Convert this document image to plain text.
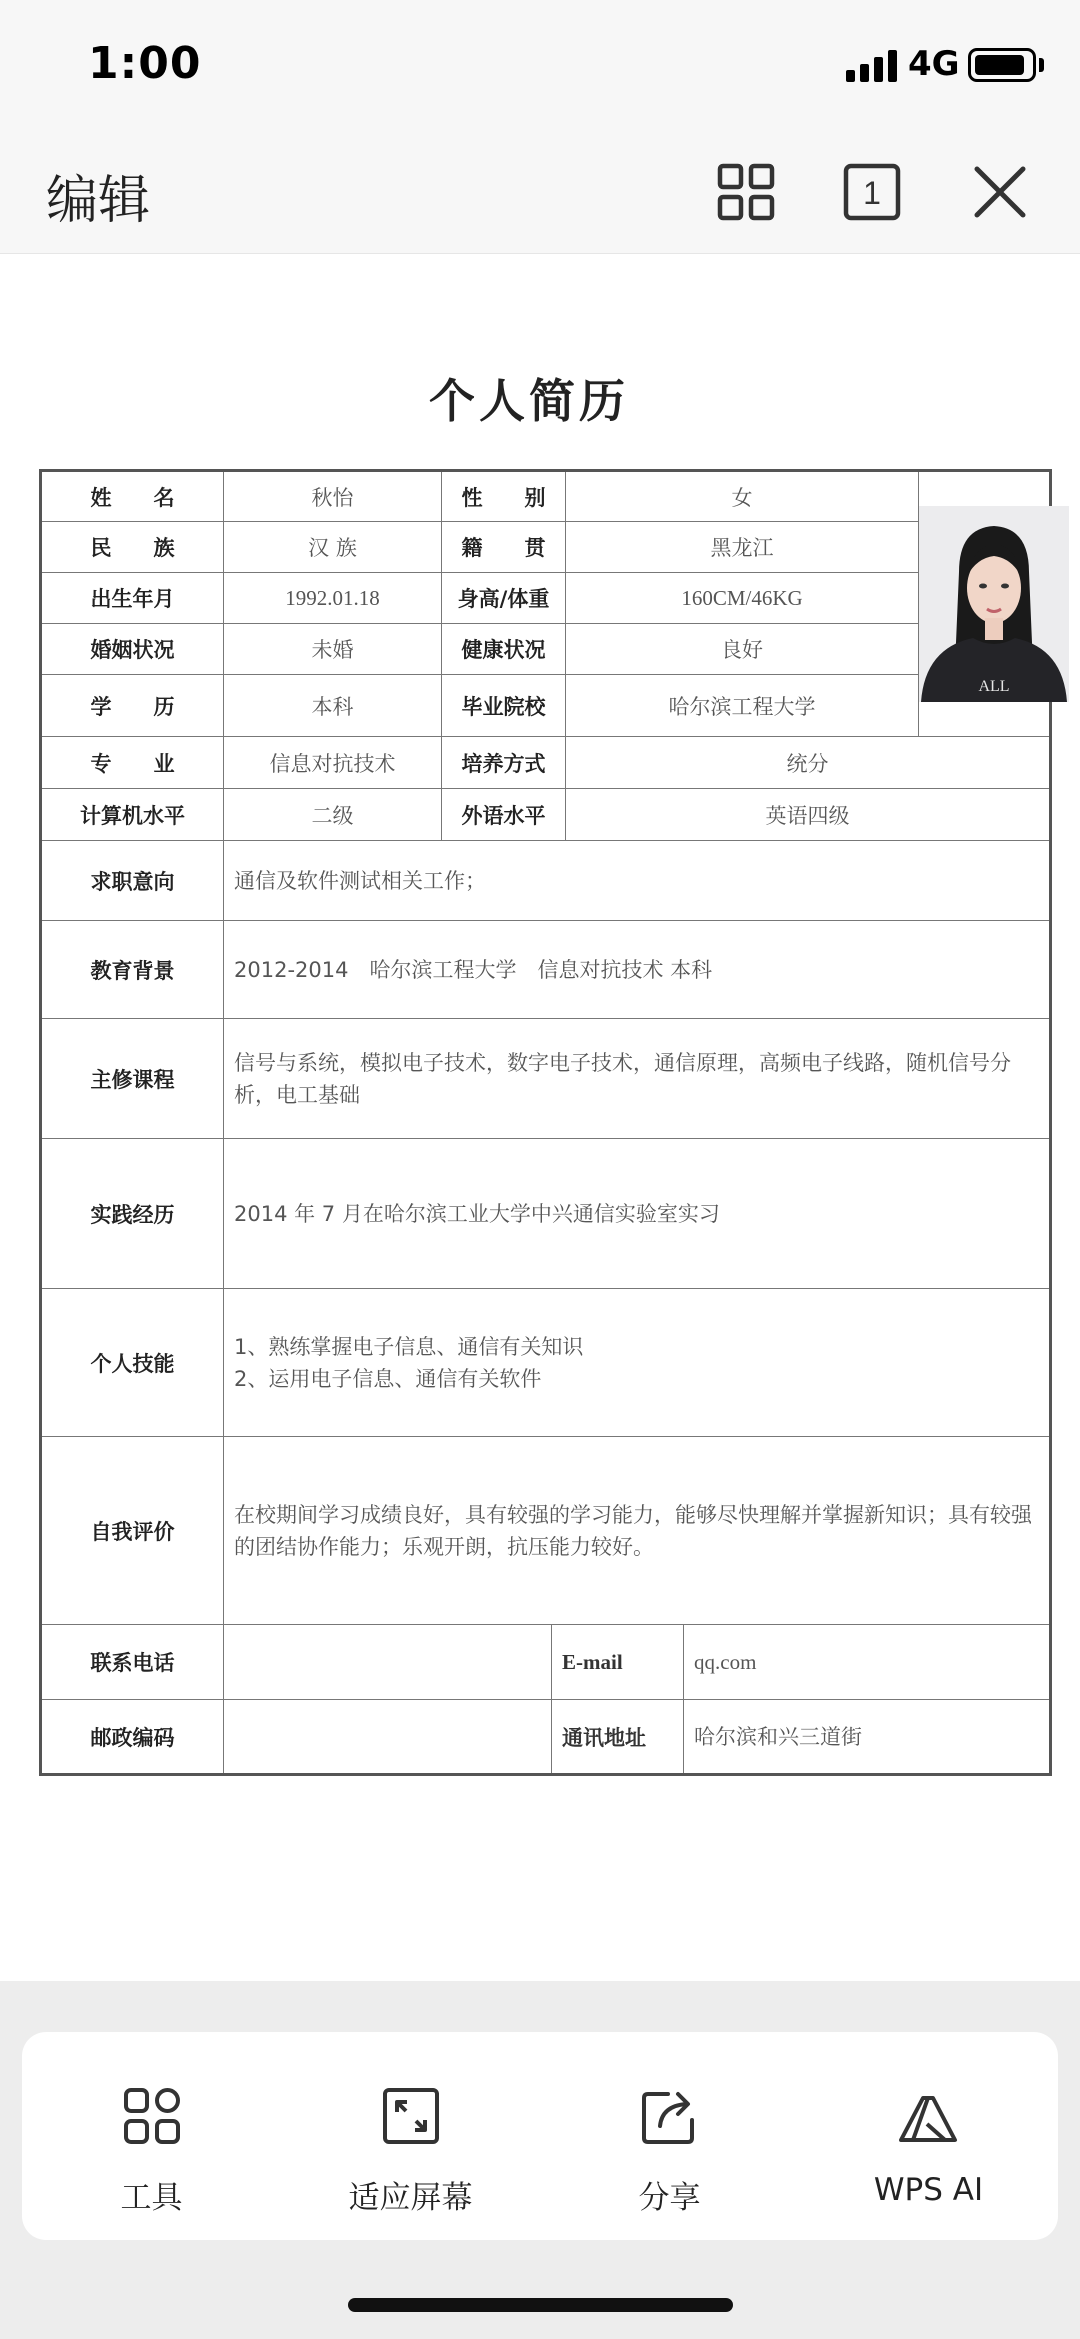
1:00	4G
编辑	1
个人简历
姓　　名	秋怡	性　　别		女		ALL

民　　族	汉 族	籍　　贯		黑龙江		
出生年月	1992.01.18	身高/体重		160CM/46KG		
婚姻状况	未婚	健康状况		良好		
学　　历	本科	毕业院校		哈尔滨工程大学		
专　　业	信息对抗技术	培养方式		统分		
计算机水平	二级	外语水平		英语四级		
求职意向	通信及软件测试相关工作；					
教育背景	2012-2014　哈尔滨工程大学　信息对抗技术 本科					
主修课程	信号与系统，模拟电子技术，数字电子技术，通信原理，高频电子线路，随机信号分析，电工基础					
实践经历	2014 年 7 月在哈尔滨工业大学中兴通信实验室实习					
个人技能	1、熟练掌握电子信息、通信有关知识
2、运用电子信息、通信有关软件					

自我评价	在校期间学习成绩良好，具有较强的学习能力，能够尽快理解并掌握新知识；具有较强的团结协作能力；乐观开朗，抗压能力较好。					
联系电话			E-mail		qq.com	
邮政编码			通讯地址		哈尔滨和兴三道街	
工具	适应屏幕	分享	WPS AI
